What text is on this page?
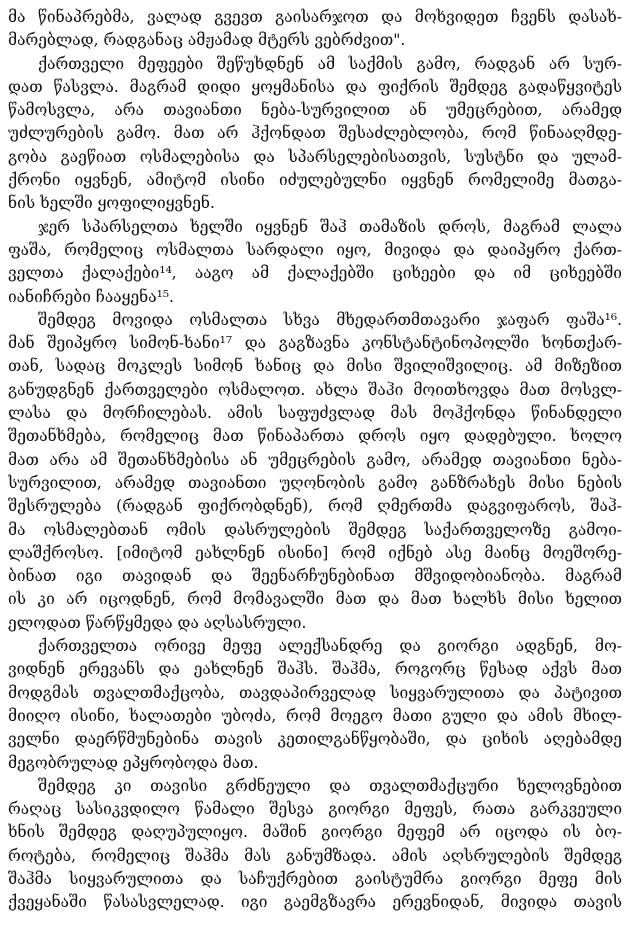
მა წინაპრებმა, ვალად გვევთ გაისარჯოთ და მოხვიდეთ ჩვენს დასახ-
მარებლად, რადგანაც ამჟამად მტერს ვებრძვით".
ქართველი მეფეები შეწუხდნენ ამ საქმის გამო, რადგან არ სურ-
დათ წასვლა. მაგრამ დიდი ყოყმანისა და ფიქრის შემდეგ გადაწყვიტეს
წამოსვლა, არა თავიანთი ნება-სურვილით ან უმეცრებით, არამედ
უძლურების გამო. მათ არ ჰქონდათ შესაძლებლობა, რომ წინააღმდე-
გობა გაეწიათ ოსმალებისა და სპარსელებისათვის, სუსტნი და ულამ-
ქრონი იყვნენ, ამიტომ ისინი იძულებულნი იყვნენ რომელიმე მათგა-
ნის ხელში ყოფილიყვნენ.
ჯერ სპარსელთა ხელში იყვნენ შაჰ თამაზის დროს, მაგრამ ლალა
ფაშა, რომელიც ოსმალთა სარდალი იყო, მივიდა და დაიპყრო ქართ-
ველთა ქალაქები¹⁴, ააგო ამ ქალაქებში ციხეები და იმ ციხეებში
იანიჩრები ჩააყენა¹⁵.
შემდეგ მოვიდა ოსმალთა სხვა მხედართმთავარი ჯაფარ ფაშა¹⁶.
მან შეიპყრო სიმონ-ხანი¹⁷ და გაგზავნა კონსტანტინოპოლში ხონთქარ-
თან, სადაც მოკლეს სიმონ ხანიც და მისი შვილიშვილიც. ამ მიზეზით
განუდგნენ ქართველები ოსმალოთ. ახლა შაჰი მოითხოვდა მათ მოსვლ-
ლასა და მორჩილებას. ამის საფუძვლად მას მოჰქონდა წინანდელი
შეთანხმება, რომელიც მათ წინაპართა დროს იყო დადებული. ხოლო
მათ არა ამ შეთანხმებისა ან უმეცრების გამო, არამედ თავიანთი ნება-
სურვილით, არამედ თავიანთი უღონობის გამო განზრახეს მისი ნების
შესრულება (რადგან ფიქრობდნენ), რომ ღმერთმა დაგვიფაროს, შაჰ-
მა ოსმალებთან ომის დასრულების შემდეგ საქართველოზე გამოი-
ლაშქროსო. [იმიტომ ეახლნენ ისინი] რომ იქნებ ასე მაინც მოეშორე-
ბინათ იგი თავიდან და შეენარჩუნებინათ მშვიდობიანობა. მაგრამ
ის კი არ იცოდნენ, რომ მომავალში მათ და მათ ხალხს მისი ხელით
ელოდათ წარწყმედა და აღსასრული.
ქართველთა ორივე მეფე ალექსანდრე და გიორგი ადგნენ, მო-
ვიდნენ ერევანს და ეახლნენ შაჰს. შაჰმა, როგორც წესად აქვს მათ
მოდგმას თვალთმაქცობა, თავდაპირველად სიყვარულითა და პატივით
მიიღო ისინი, ხალათები უბოძა, რომ მოეგო მათი გული და ამის მხილ-
ველნი დაერწმუნებინა თავის კეთილგანწყობაში, და ციხის აღებამდე
მეგობრულად ეპყრობოდა მათ.
შემდეგ კი თავისი გრძნეული და თვალთმაქცური ხელოვნებით
რაღაც სასიკვდილო წამალი შესვა გიორგი მეფეს, რათა გარკვეული
ხნის შემდეგ დაღუპულიყო. მაშინ გიორგი მეფემ არ იცოდა ის ბო-
როტება, რომელიც შაჰმა მას განუმზადა. ამის აღსრულების შემდეგ
შაჰმა სიყვარულითა და საჩუქრებით გაისტუმრა გიორგი მეფე მის
ქვეყანაში წასასვლელად. იგი გაემგზავრა ერევნიდან, მივიდა თავის
